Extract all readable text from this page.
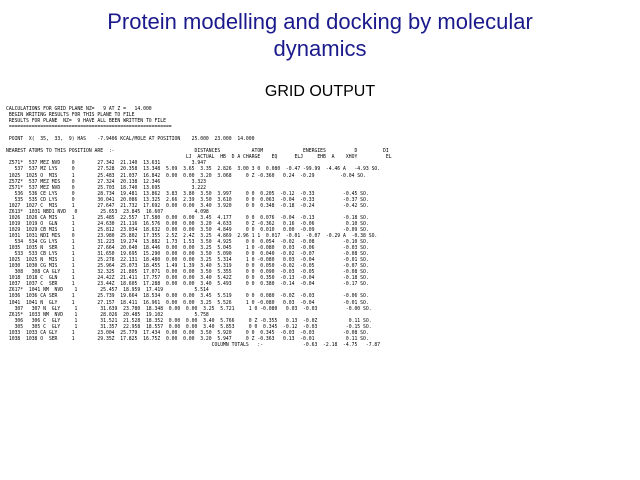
Protein modelling and docking by molecular
dynamics
GRID OUTPUT
CALCULATIONS FOR GRID PLANE NZ=   9 AT Z =   14.000
BEGIN WRITING RESULTS FOR THIS PLANE TO FILE
RESULTS FOR PLANE  NZ=  9 HAVE ALL BEEN WRITTEN TO FILE
=========================================================

POINT  X(  35,  33,  9) HAS    -7.9406 KCAL/MOLE AT POSITION    25.000  23.000  14.000

NEAREST ATOMS TO THIS POSITION ARE  :-                            DISTANCES           ATOM              ENERGIES          D         DI
LJ  ACTUAL  HB  D A CHARGE    EQ      ELJ     EHB  A    XHOY          EL
Z571*  537 MEZ NVD    0        27.342  21.140  13.631           3.947
537  537 MZ LYS     0        27.528  20.358  13.348  5.09  3.65  3.35  2.826  3.00 3 0  0.080  -0.47 -99.99  -4.46 A   -4.93 SO.
1025  1025 O  MIS     1        25.483  21.037  16.842  0.00  0.00  3.20  3.068     0 Z -0.360   0.24  -0.29         -0.04 SO.
Z57Z*  537 MEZ MIS    0        27.324  20.138  12.346           3.323
Z571*  537 MEZ NVD    0        25.703  18.740  13.695           3.222
536  536 CE LYS     0        28.734  19.481  13.862  3.83  3.80  3.50  3.997     0 0  0.205  -0.12  -0.33          -0.45 SO.
535  535 CD LYS     0        30.041  20.086  13.325  2.66  2.39  3.50  3.610     0 0  0.063  -0.04  -0.33          -0.37 SO.
1027  1027 C  MIS     1        27.647  21.732  17.692  0.00  0.00  3.40  3.920     0 0  0.348  -0.18  -0.24          -0.42 SO.
Z613*  1031 NBD1 NVD   0        25.653  23.845  16.607           4.098
1026  1026 CA MIS     1        25.485  22.557  17.580  0.00  0.00  3.45  4.177     0 0  0.076  -0.04  -0.13          -0.18 SO.
1019  1019 O  GLN     1        24.630  21.116  16.576  0.00  0.00  3.20  4.633     0 Z -0.362   0.16  -0.06           0.10 SO.
1029  1029 CB MIS     1        25.812  23.034  18.632  0.00  0.00  3.50  4.849     0 0  0.010   0.00  -0.09          -0.09 SO.
1031  1031 NDI MIS    0        23.980  25.802  17.355  2.5Z  2.4Z  3.25  4.869  2.96 1 1  0.017  -0.01  -0.07  -0.29 A  -0.38 SO.
534  534 CG LYS     1        31.223  19.274  13.882  1.73  1.53  3.50  4.925     0 0  0.054  -0.02  -0.08          -0.10 SO.
1035  1035 N  SER     1        27.664  20.640  18.446  0.00  0.00  3.25  5.045     1 0 -0.080   0.03  -0.06          -0.03 SO.
533  533 CB LYS     1        31.650  19.695  15.290  0.00  0.00  3.50  5.090     0 0  0.040  -0.02  -0.07          -0.08 SO.
1025  1025 N  MIS     1        25.278  22.131  18.480  0.00  0.00  3.25  5.314     1 0 -0.080   0.03  -0.04          -0.01 SO.
1030  1030 CG MIS     1        25.964  25.073  18.455  1.49  1.39  3.40  5.319     0 0  0.050  -0.02  -0.05          -0.07 SO.
308   308 CA GLY    1        32.325  21.805  17.071  0.00  0.00  3.50  5.355     0 0  0.090  -0.03  -0.05          -0.08 SO.
1018  1018 C  GLN     1        24.42Z  21.411  17.757  0.00  0.00  3.40  5.42Z     0 0  0.350  -0.13  -0.04          -0.18 SO.
1037  1037 C  SER     1        23.44Z  18.605  17.288  0.00  0.00  3.40  5.493     0 0  0.380  -0.14  -0.04          -0.17 SO.
Z617*  1041 NM  NVD    1        25.457  18.959  17.419           5.514
1036  1036 CA SER     1        25.739  19.664  18.534  0.00  0.00  3.45  5.519     0 0  0.080  -0.0Z  -0.03          -0.06 SO.
1041  1041 N  GLY     1        27.157  18.411  16.961  0.00  0.00  3.25  5.526     1 0 -0.080   0.03  -0.04          -0.01 SO.
307   307 N  GLY     1        31.639  23.780  18.348  0.00  0.00  3.25  5.721     1 0 -0.080   0.03  -0.03          -0.00 SO.
Z615*  1033 NM  NVD    1        28.026  20.485  19.102           5.758
306   306 C  GLY     1        31.521  21.528  18.352  0.00  0.00  3.40  5.766     0 Z -0.355   0.13  -0.0Z           0.11 SO.
305   305 C  GLY     1        31.357  22.958  18.557  0.00  0.00  3.40  5.853     0 0  0.345  -0.12  -0.03          -0.15 SO.
1033  1033 CA GLY     1        23.004  25.779  17.434  0.00  0.00  3.50  5.920     0 0  0.345  -0.03  -0.03          -0.08 SO.
1038  1038 O  SER     1        29.35Z  17.825  16.75Z  0.00  0.00  3.20  5.947     0 Z -0.363   0.13  -0.01           0.11 SO.
COLUMN TOTALS   :-              -0.63  -2.18  -4.75   -7.87
